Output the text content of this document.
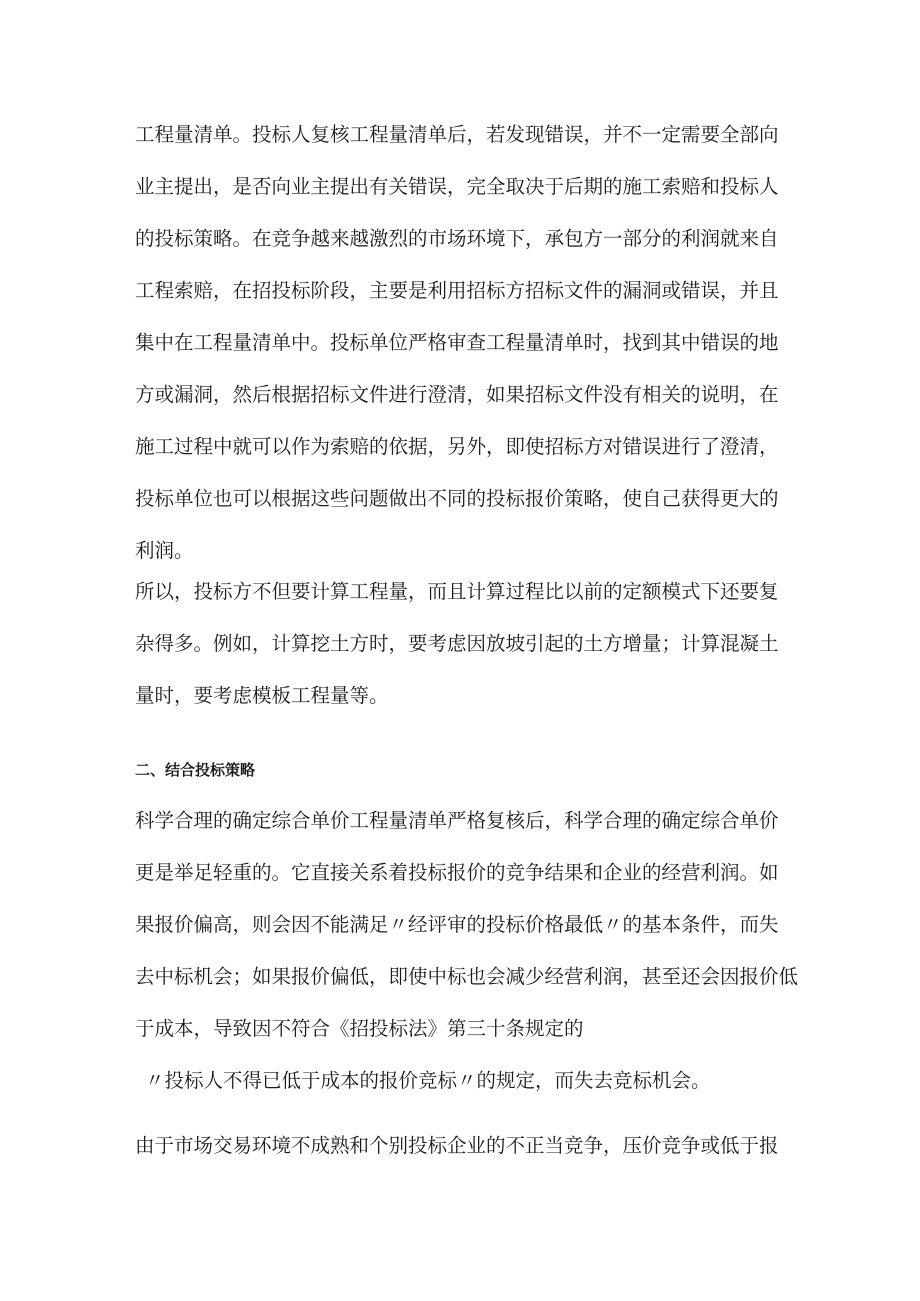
工程量清单。投标人复核工程量清单后，若发现错误，并不一定需要全部向
业主提出，是否向业主提出有关错误，完全取决于后期的施工索赔和投标人
的投标策略。在竞争越来越激烈的市场环境下，承包方一部分的利润就来自
工程索赔，在招投标阶段，主要是利用招标方招标文件的漏洞或错误，并且
集中在工程量清单中。投标单位严格审查工程量清单时，找到其中错误的地
方或漏洞，然后根据招标文件进行澄清，如果招标文件没有相关的说明，在
施工过程中就可以作为索赔的依据，另外，即使招标方对错误进行了澄清，
投标单位也可以根据这些问题做出不同的投标报价策略，使自己获得更大的
利润。
所以，投标方不但要计算工程量，而且计算过程比以前的定额模式下还要复
杂得多。例如，计算挖土方时，要考虑因放坡引起的土方增量；计算混凝土
量时，要考虑模板工程量等。
二、结合投标策略
科学合理的确定综合单价工程量清单严格复核后，科学合理的确定综合单价
更是举足轻重的。它直接关系着投标报价的竞争结果和企业的经营利润。如
果报价偏高，则会因不能满足〃经评审的投标价格最低〃的基本条件，而失
去中标机会；如果报价偏低，即使中标也会减少经营利润，甚至还会因报价低
于成本，导致因不符合《招投标法》第三十条规定的
〃投标人不得已低于成本的报价竞标〃的规定，而失去竞标机会。
由于市场交易环境不成熟和个别投标企业的不正当竞争，压价竞争或低于报
